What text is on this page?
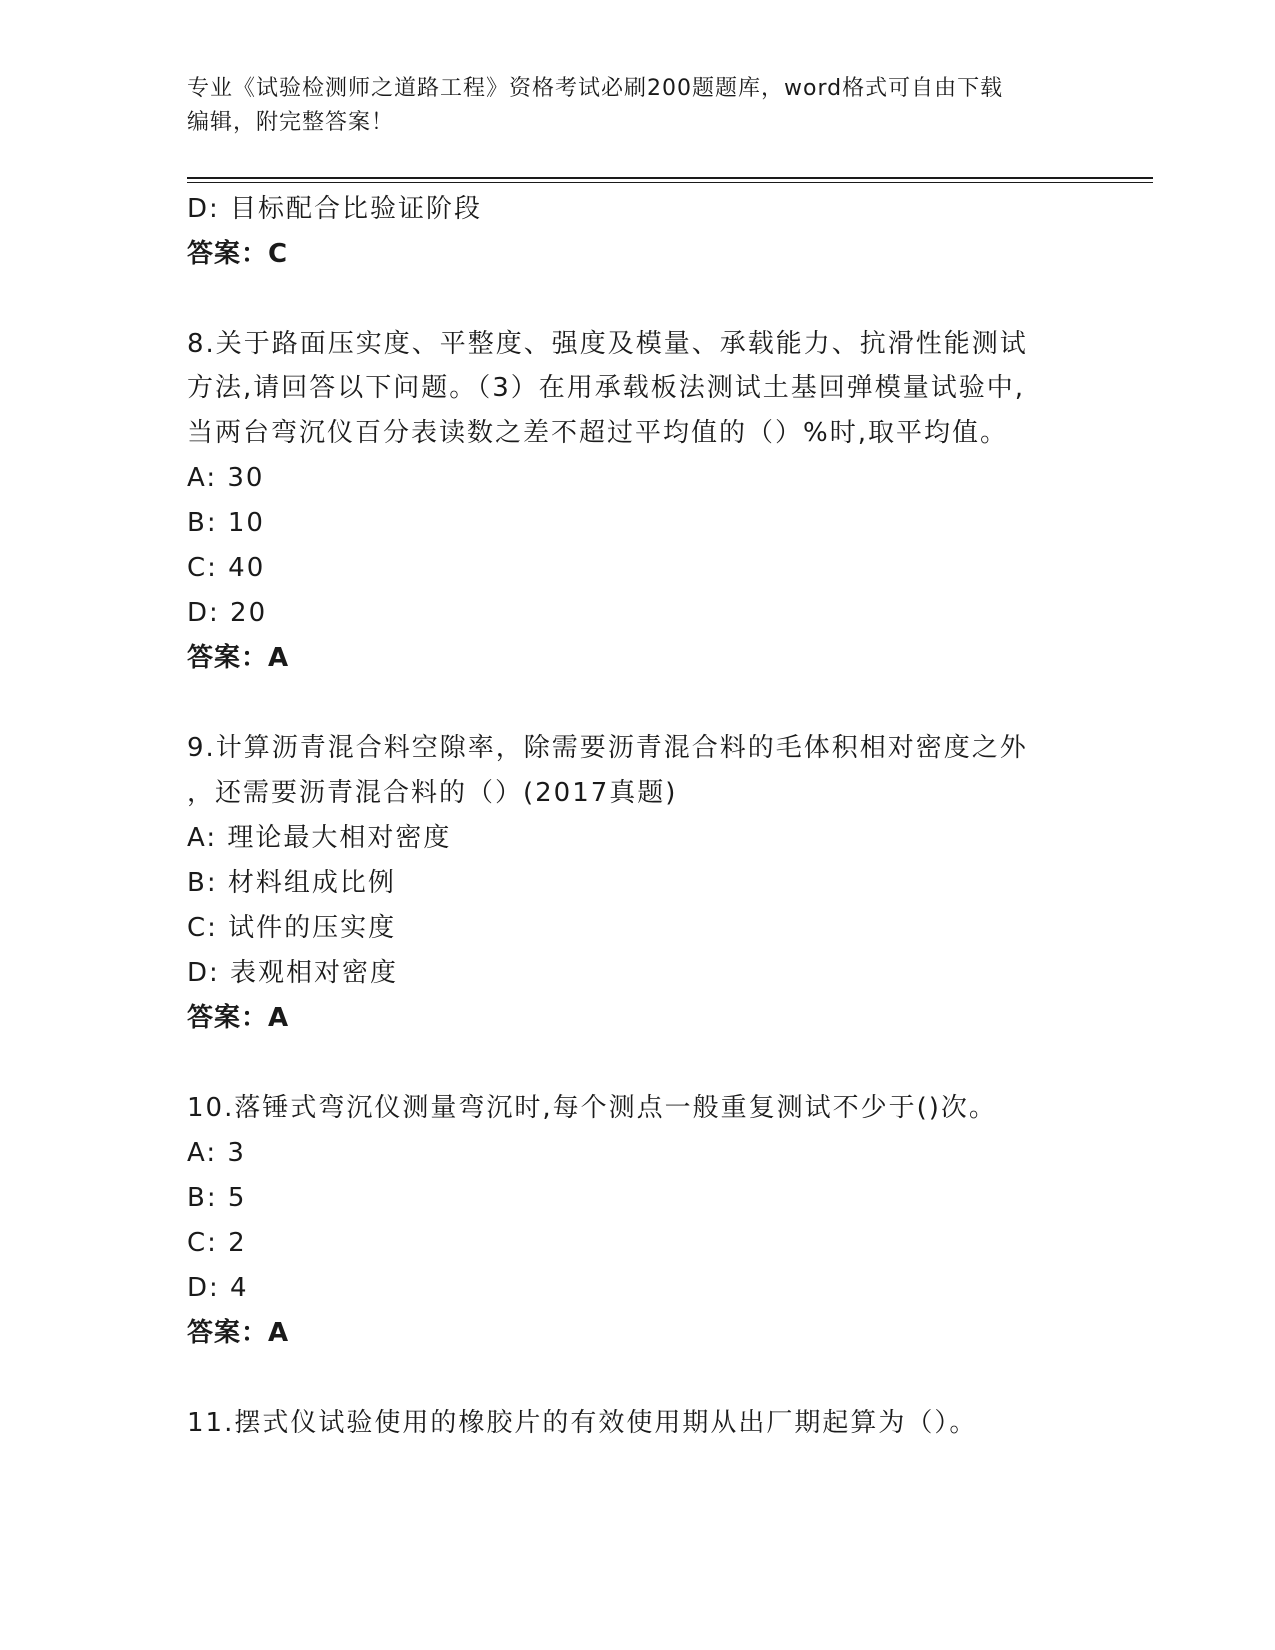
专业《试验检测师之道路工程》资格考试必刷200题题库，word格式可自由下载
编辑，附完整答案！
D: 目标配合比验证阶段
答案：C
8.关于路面压实度、平整度、强度及模量、承载能力、抗滑性能测试
方法,请回答以下问题。（3）在用承载板法测试土基回弹模量试验中,
当两台弯沉仪百分表读数之差不超过平均值的（）%时,取平均值。
A: 30
B: 10
C: 40
D: 20
答案：A
9.计算沥青混合料空隙率，除需要沥青混合料的毛体积相对密度之外
，还需要沥青混合料的（）(2017真题)
A: 理论最大相对密度
B: 材料组成比例
C: 试件的压实度
D: 表观相对密度
答案：A
10.落锤式弯沉仪测量弯沉时,每个测点一般重复测试不少于()次。
A: 3
B: 5
C: 2
D: 4
答案：A
11.摆式仪试验使用的橡胶片的有效使用期从出厂期起算为（）。
